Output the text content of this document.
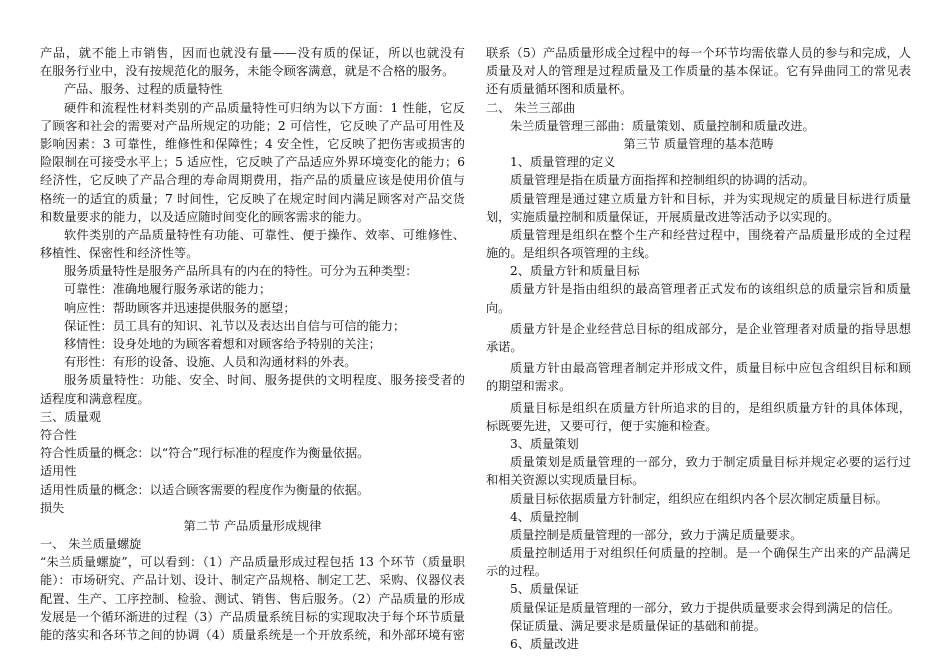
产品，就不能上市销售，因而也就没有量——没有质的保证，所以也就没有
在服务行业中，没有按规范化的服务，未能令顾客满意，就是不合格的服务。
产品、服务、过程的质量特性
硬件和流程性材料类别的产品质量特性可归纳为以下方面：1 性能，它反
了顾客和社会的需要对产品所规定的功能；2 可信性，它反映了产品可用性及
影响因素：3 可靠性，维修性和保障性；4 安全性，它反映了把伤害或损害的
险限制在可接受水平上；5 适应性，它反映了产品适应外界环境变化的能力；6
经济性，它反映了产品合理的寿命周期费用，指产品的质量应该是使用价值与
格统一的适宜的质量；7 时间性，它反映了在规定时间内满足顾客对产品交货
和数量要求的能力，以及适应随时间变化的顾客需求的能力。
软件类别的产品质量特性有功能、可靠性、便于操作、效率、可维修性、
移植性、保密性和经济性等。
服务质量特性是服务产品所具有的内在的特性。可分为五种类型：
可靠性：准确地履行服务承诺的能力；
响应性：帮助顾客并迅速提供服务的愿望；
保证性：员工具有的知识、礼节以及表达出自信与可信的能力；
移情性：设身处地的为顾客着想和对顾客给予特别的关注；
有形性：有形的设备、设施、人员和沟通材料的外表。
服务质量特性：功能、安全、时间、服务提供的文明程度、服务接受者的
适程度和满意程度。
三、质量观
符合性
符合性质量的概念：以“符合”现行标准的程度作为衡量依据。
适用性
适用性质量的概念：以适合顾客需要的程度作为衡量的依据。
损失
第二节 产品质量形成规律
一、 朱兰质量螺旋
“朱兰质量螺旋”，可以看到：（1）产品质量形成过程包括 13 个环节（质量职
能）：市场研究、产品计划、设计、制定产品规格、制定工艺、采购、仪器仪表
配置、生产、工序控制、检验、测试、销售、售后服务。（2）产品质量的形成
发展是一个循环渐进的过程（3）产品质量系统目标的实现取决于每个环节质量
能的落实和各环节之间的协调（4）质量系统是一个开放系统，和外部环境有密
联系（5）产品质量形成全过程中的每一个环节均需依靠人员的参与和完成，人
质量及对人的管理是过程质量及工作质量的基本保证。它有异曲同工的常见表
还有质量循环图和质量杯。
二、 朱兰三部曲
朱兰质量管理三部曲：质量策划、质量控制和质量改进。
第三节 质量管理的基本范畴
1、质量管理的定义
质量管理是指在质量方面指挥和控制组织的协调的活动。
质量管理是通过建立质量方针和目标，并为实现规定的质量目标进行质量
划，实施质量控制和质量保证，开展质量改进等活动予以实现的。
质量管理是组织在整个生产和经营过程中，围绕着产品质量形成的全过程
施的。是组织各项管理的主线。
2、质量方针和质量目标
质量方针是指由组织的最高管理者正式发布的该组织总的质量宗旨和质量
向。
质量方针是企业经营总目标的组成部分，是企业管理者对质量的指导思想
承诺。
质量方针由最高管理者制定并形成文件，质量目标中应包含组织目标和顾
的期望和需求。
质量目标是组织在质量方针所追求的目的，是组织质量方针的具体体现，
标既要先进，又要可行，便于实施和检查。
3、质量策划
质量策划是质量管理的一部分，致力于制定质量目标并规定必要的运行过
和相关资源以实现质量目标。
质量目标依据质量方针制定，组织应在组织内各个层次制定质量目标。
4、质量控制
质量控制是质量管理的一部分，致力于满足质量要求。
质量控制适用于对组织任何质量的控制。是一个确保生产出来的产品满足
示的过程。
5、质量保证
质量保证是质量管理的一部分，致力于提供质量要求会得到满足的信任。
保证质量、满足要求是质量保证的基础和前提。
6、质量改进
